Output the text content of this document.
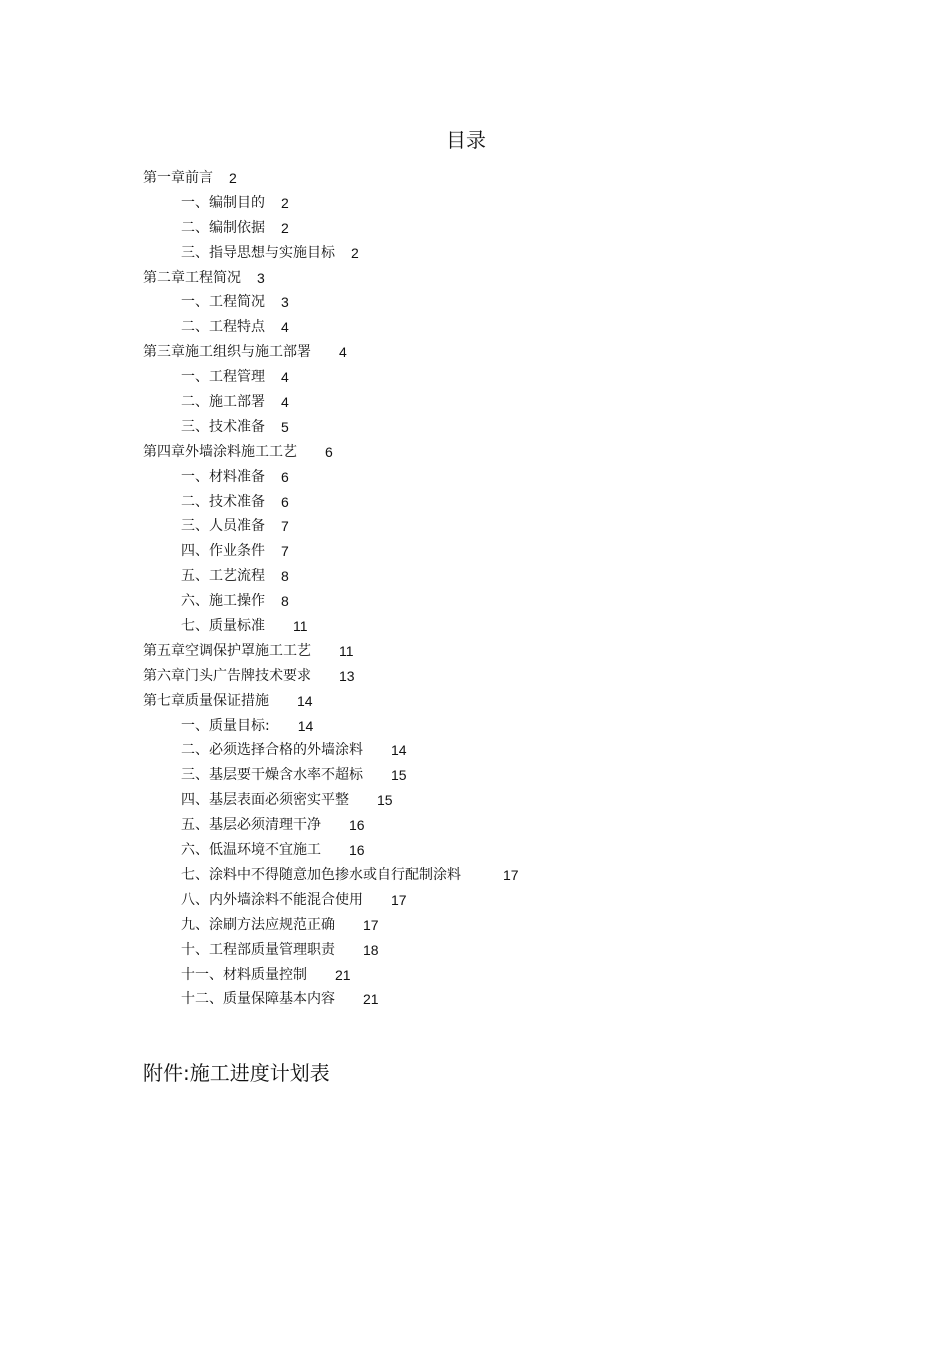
目录
第一章前言 2
一、编制目的 2
二、编制依据 2
三、指导思想与实施目标 2
第二章工程简况 3
一、工程简况 3
二、工程特点 4
第三章施工组织与施工部署 4
一、工程管理 4
二、施工部署 4
三、技术准备 5
第四章外墙涂料施工工艺 6
一、材料准备 6
二、技术准备 6
三、人员准备 7
四、作业条件 7
五、工艺流程 8
六、施工操作 8
七、质量标准 11
第五章空调保护罩施工工艺 11
第六章门头广告牌技术要求 13
第七章质量保证措施 14
一、质量目标: 14
二、必须选择合格的外墙涂料 14
三、基层要干燥含水率不超标 15
四、基层表面必须密实平整 15
五、基层必须清理干净 16
六、低温环境不宜施工 16
七、涂料中不得随意加色掺水或自行配制涂料	17
八、内外墙涂料不能混合使用 17
九、涂刷方法应规范正确 17
十、工程部质量管理职责 18
十一、材料质量控制 21
十二、质量保障基本内容 21
附件:施工进度计划表
